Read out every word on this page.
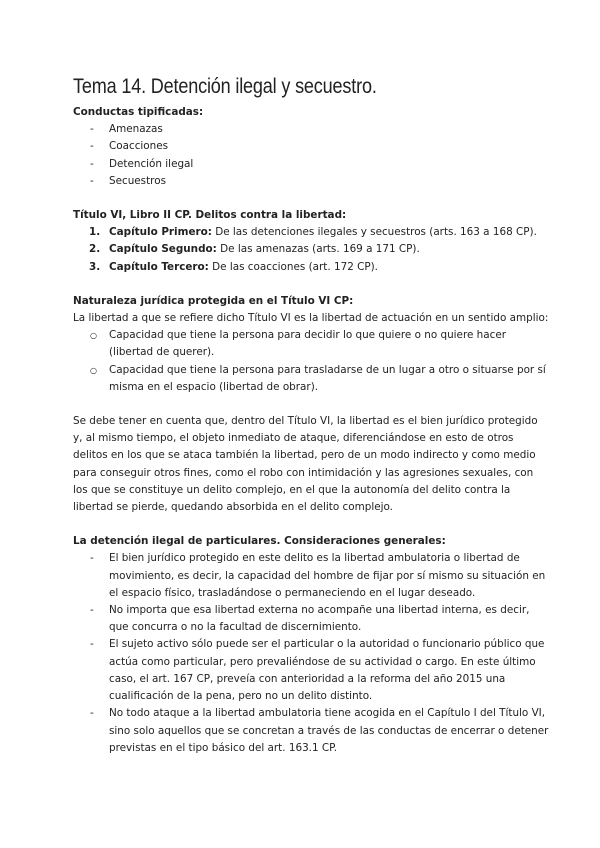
Tema 14. Detención ilegal y secuestro.

Conductas tipificadas:

- Amenazas
- Coacciones
- Detención ilegal
- Secuestros

Título VI, Libro II CP. Delitos contra la libertad:

1. Capítulo Primero: De las detenciones ilegales y secuestros (arts. 163 a 168 CP).
2. Capítulo Segundo: De las amenazas (arts. 169 a 171 CP).
3. Capítulo Tercero: De las coacciones (art. 172 CP).

Naturaleza jurídica protegida en el Título VI CP:

La libertad a que se refiere dicho Título VI es la libertad de actuación en un sentido amplio:

○ Capacidad que tiene la persona para decidir lo que quiere o no quiere hacer (libertad de querer).
○ Capacidad que tiene la persona para trasladarse de un lugar a otro o situarse por sí misma en el espacio (libertad de obrar).

Se debe tener en cuenta que, dentro del Título VI, la libertad es el bien jurídico protegido y, al mismo tiempo, el objeto inmediato de ataque, diferenciándose en esto de otros delitos en los que se ataca también la libertad, pero de un modo indirecto y como medio para conseguir otros fines, como el robo con intimidación y las agresiones sexuales, con los que se constituye un delito complejo, en el que la autonomía del delito contra la libertad se pierde, quedando absorbida en el delito complejo.

La detención ilegal de particulares. Consideraciones generales:

- El bien jurídico protegido en este delito es la libertad ambulatoria o libertad de movimiento, es decir, la capacidad del hombre de fijar por sí mismo su situación en el espacio físico, trasladándose o permaneciendo en el lugar deseado.
- No importa que esa libertad externa no acompañe una libertad interna, es decir, que concurra o no la facultad de discernimiento.
- El sujeto activo sólo puede ser el particular o la autoridad o funcionario público que actúa como particular, pero prevaliéndose de su actividad o cargo. En este último caso, el art. 167 CP, preveía con anterioridad a la reforma del año 2015 una cualificación de la pena, pero no un delito distinto.
- No todo ataque a la libertad ambulatoria tiene acogida en el Capítulo I del Título VI, sino solo aquellos que se concretan a través de las conductas de encerrar o detener previstas en el tipo básico del art. 163.1 CP.
